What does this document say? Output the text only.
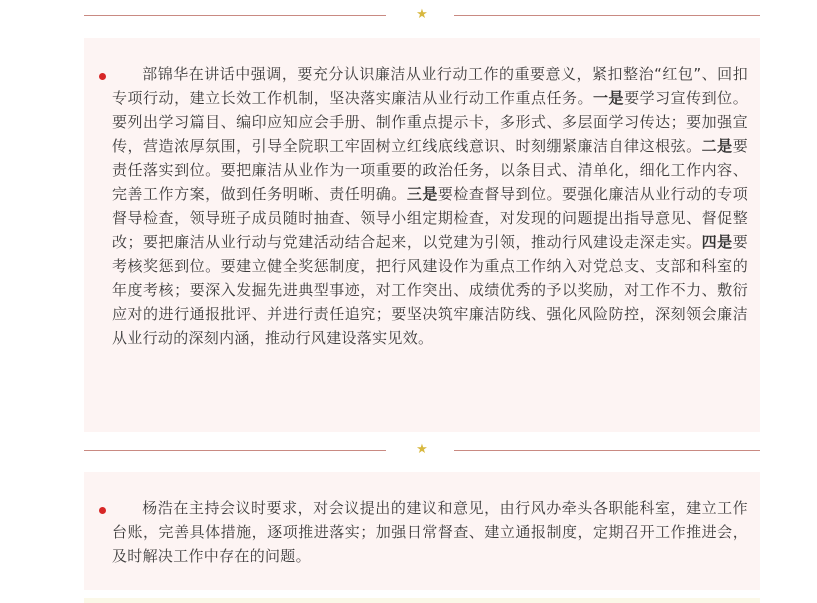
★

部锦华在讲话中强调，要充分认识廉洁从业行动工作的重要意义，紧扣整治“红包”、回扣专项行动，建立长效工作机制，坚决落实廉洁从业行动工作重点任务。一是要学习宣传到位。要列出学习篇目、编印应知应会手册、制作重点提示卡，多形式、多层面学习传达；要加强宣传，营造浓厚氛围，引导全院职工牢固树立红线底线意识、时刻绷紧廉洁自律这根弦。二是要责任落实到位。要把廉洁从业作为一项重要的政治任务，以条目式、清单化，细化工作内容、完善工作方案，做到任务明晰、责任明确。三是要检查督导到位。要强化廉洁从业行动的专项督导检查，领导班子成员随时抽查、领导小组定期检查，对发现的问题提出指导意见、督促整改；要把廉洁从业行动与党建活动结合起来，以党建为引领，推动行风建设走深走实。四是要考核奖惩到位。要建立健全奖惩制度，把行风建设作为重点工作纳入对党总支、支部和科室的年度考核；要深入发掘先进典型事迹，对工作突出、成绩优秀的予以奖励，对工作不力、敷衍应对的进行通报批评、并进行责任追究；要坚决筑牢廉洁防线、强化风险防控，深刻领会廉洁从业行动的深刻内涵，推动行风建设落实见效。

★

杨浩在主持会议时要求，对会议提出的建议和意见，由行风办牵头各职能科室，建立工作台账，完善具体措施，逐项推进落实；加强日常督查、建立通报制度，定期召开工作推进会，及时解决工作中存在的问题。
